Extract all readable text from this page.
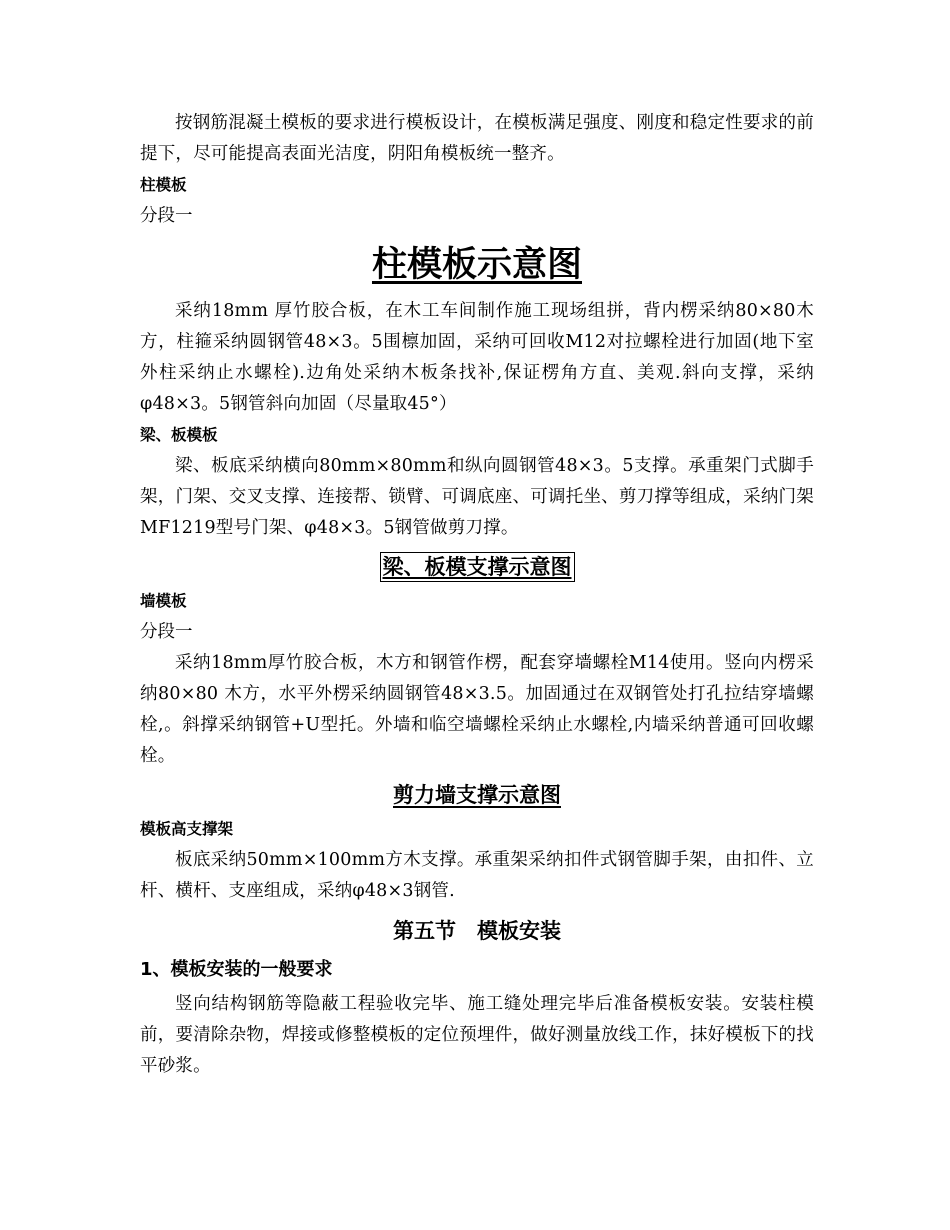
按钢筋混凝土模板的要求进行模板设计，在模板满足强度、刚度和稳定性要求的前提下，尽可能提高表面光洁度，阴阳角模板统一整齐。

柱模板

分段一

柱模板示意图

采纳18mm 厚竹胶合板，在木工车间制作施工现场组拼，背内楞采纳80×80木方，柱箍采纳圆钢管48×3。5围檩加固，采纳可回收M12对拉螺栓进行加固(地下室外柱采纳止水螺栓).边角处采纳木板条找补,保证楞角方直、美观.斜向支撑，采纳φ48×3。5钢管斜向加固（尽量取45°）

梁、板模板

梁、板底采纳横向80mm×80mm和纵向圆钢管48×3。5支撑。承重架门式脚手架，门架、交叉支撑、连接帮、锁臂、可调底座、可调托坐、剪刀撑等组成，采纳门架MF1219型号门架、φ48×3。5钢管做剪刀撑。

梁、板模支撑示意图

墙模板

分段一

采纳18mm厚竹胶合板，木方和钢管作楞，配套穿墙螺栓M14使用。竖向内楞采纳80×80 木方，水平外楞采纳圆钢管48×3.5。加固通过在双钢管处打孔拉结穿墙螺栓,。斜撑采纳钢管+U型托。外墙和临空墙螺栓采纳止水螺栓,内墙采纳普通可回收螺栓。

剪力墙支撑示意图

模板高支撑架

板底采纳50mm×100mm方木支撑。承重架采纳扣件式钢管脚手架，由扣件、立杆、横杆、支座组成，采纳φ48×3钢管.

第五节　模板安装

1、模板安装的一般要求

竖向结构钢筋等隐蔽工程验收完毕、施工缝处理完毕后准备模板安装。安装柱模前，要清除杂物，焊接或修整模板的定位预埋件，做好测量放线工作，抹好模板下的找平砂浆。
